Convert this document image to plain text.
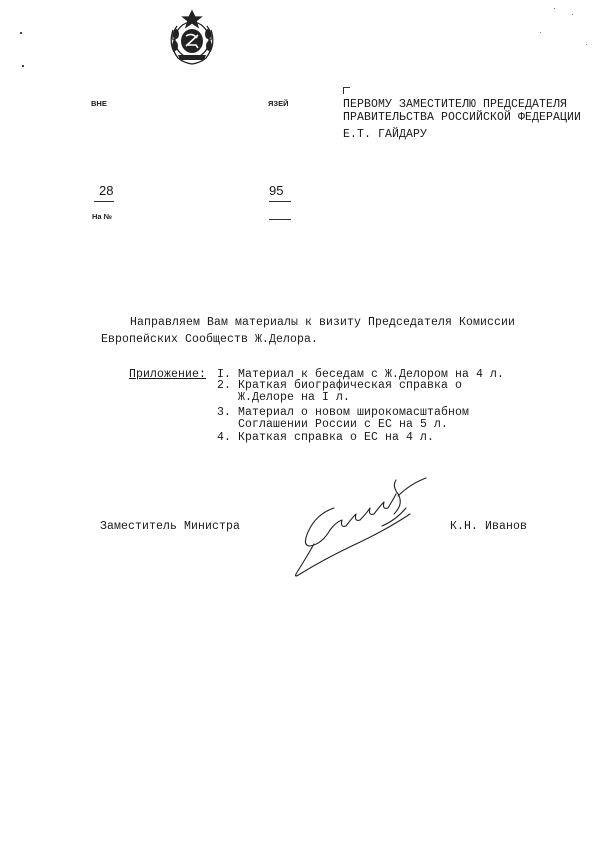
ВНЕ	ЯЗЕЙ	ПЕРВОМУ ЗАМЕСТИТЕЛЮ ПРЕДСЕДАТЕЛЯ
ПРАВИТЕЛЬСТВА РОССИЙСКОЙ ФЕДЕРАЦИИ
Е.Т. ГАЙДАРУ
28	95
На №
Направляем Вам материалы к визиту Председателя Комиссии
Европейских Сообществ Ж.Делора.
Приложение: I. Материал к беседам с Ж.Делором на 4 л.
2. Краткая биографическая справка о
Ж.Делоре на I л.
3. Материал о новом широкомасштабном
Соглашении России с ЕС на 5 л.
4. Краткая справка о ЕС на 4 л.
Заместитель Министра	К.Н. Иванов
